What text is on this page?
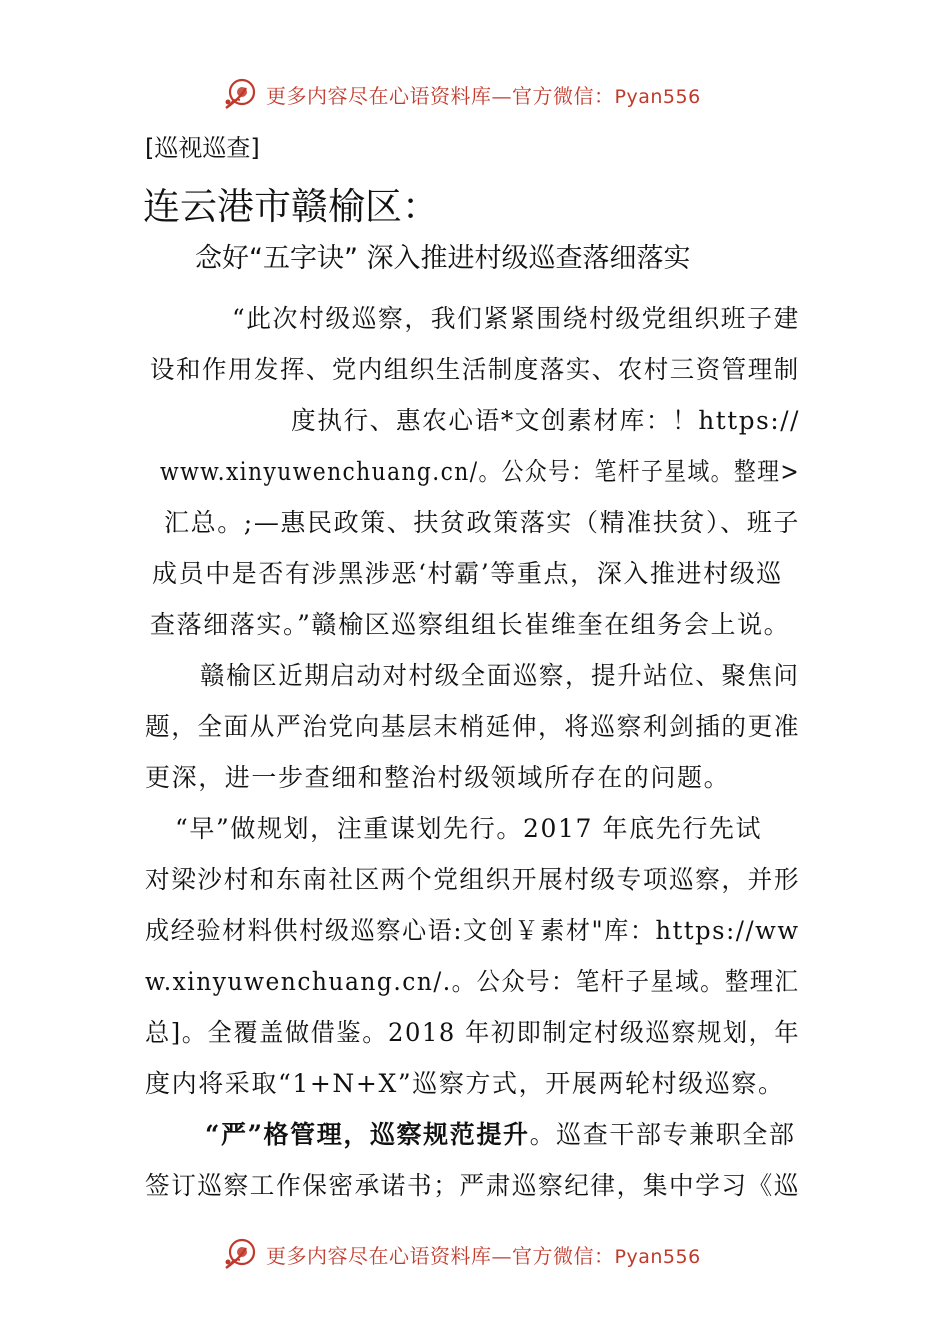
更多内容尽在心语资料库—官方微信：Pyan556
[巡视巡查]
连云港市赣榆区：
念好“五字诀” 深入推进村级巡查落细落实
“此次村级巡察，我们紧紧围绕村级党组织班子建
设和作用发挥、党内组织生活制度落实、农村三资管理制
度执行、惠农心语*文创素材库：！https://
www.xinyuwenchuang.cn/。公众号：笔杆子星域。整理>
汇总。;—惠民政策、扶贫政策落实（精准扶贫）、班子
成员中是否有涉黑涉恶‘村霸’等重点，深入推进村级巡
查落细落实。”赣榆区巡察组组长崔维奎在组务会上说。
赣榆区近期启动对村级全面巡察，提升站位、聚焦问
题，全面从严治党向基层末梢延伸，将巡察利剑插的更准
更深，进一步查细和整治村级领域所存在的问题。
“早”做规划，注重谋划先行。2017 年底先行先试
对梁沙村和东南社区两个党组织开展村级专项巡察，并形
成经验材料供村级巡察心语:文创￥素材"库：https://ww
w.xinyuwenchuang.cn/.。公众号：笔杆子星域。整理汇
总]。全覆盖做借鉴。2018 年初即制定村级巡察规划，年
度内将采取“1+N+X”巡察方式，开展两轮村级巡察。
“严”格管理，巡察规范提升。巡查干部专兼职全部
签订巡察工作保密承诺书；严肃巡察纪律，集中学习《巡
更多内容尽在心语资料库—官方微信：Pyan556
